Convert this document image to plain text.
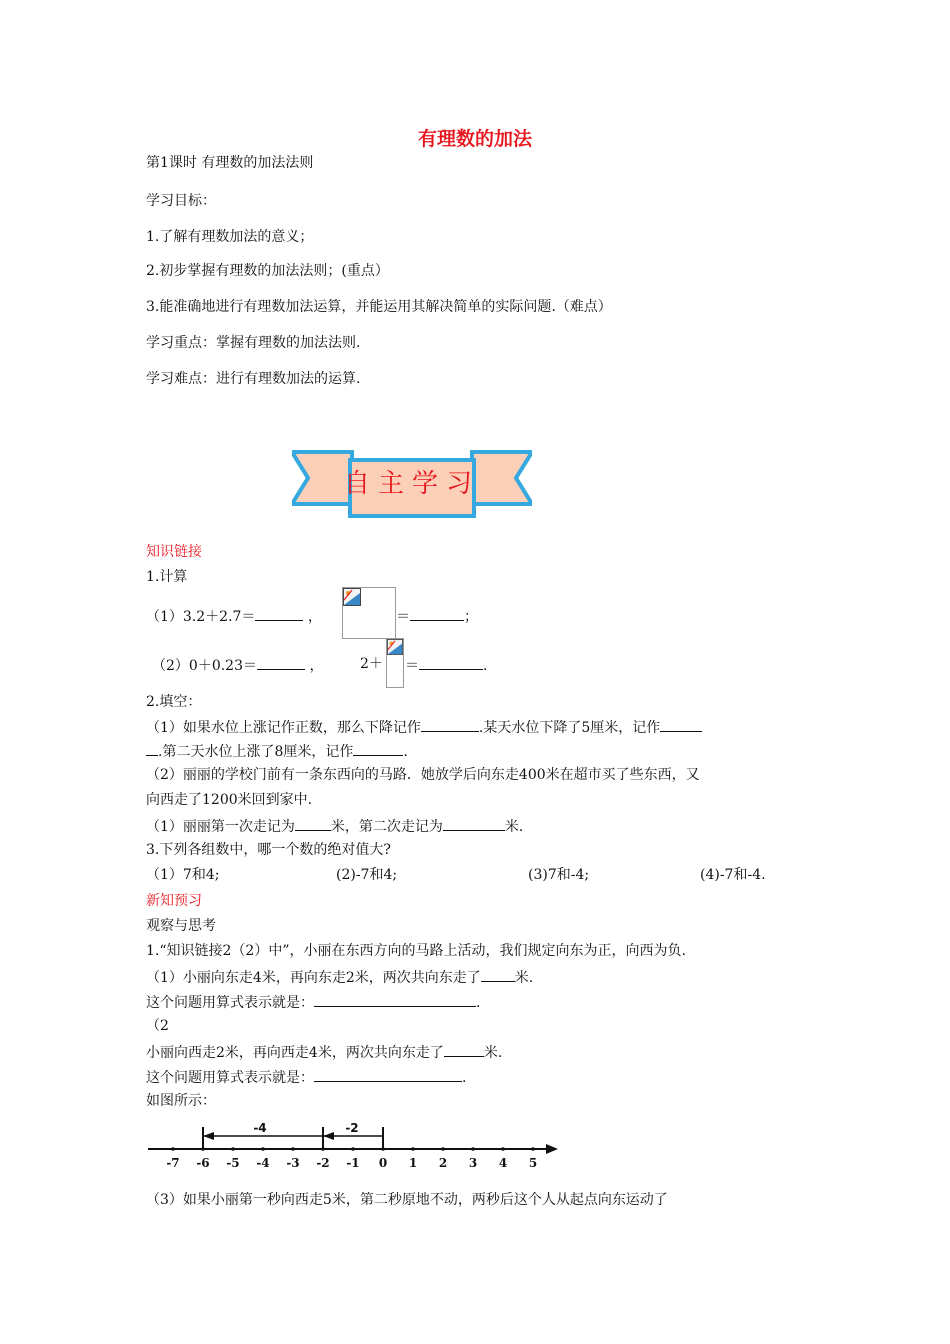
有理数的加法
第1课时 有理数的加法法则
学习目标：
1.了解有理数加法的意义；
2.初步掌握有理数的加法法则；(重点）
3.能准确地进行有理数加法运算，并能运用其解决简单的实际问题.（难点）
学习重点：掌握有理数的加法法则.
学习难点：进行有理数加法的运算.
自主学习
知识链接
1.计算
（1）3.2＋2.7＝	，	＝	；
（2）0＋0.23＝	，	2＋ ＝	.
2.填空：
（1）如果水位上涨记作正数，那么下降记作	.某天水位下降了5厘米，记作
.第二天水位上涨了8厘米，记作	.
（2）丽丽的学校门前有一条东西向的马路．她放学后向东走400米在超市买了些东西，又
向西走了1200米回到家中.
（1）丽丽第一次走记为	米，第二次走记为	米.
3.下列各组数中，哪一个数的绝对值大?
（1）7和4;	(2)-7和4;	(3)7和-4;	(4)-7和-4.
新知预习
观察与思考
1.“知识链接2（2）中”，小丽在东西方向的马路上活动，我们规定向东为正，向西为负.
（1）小丽向东走4米，再向东走2米，两次共向东走了 米.
这个问题用算式表示就是：	.
（2
小丽向西走2米，再向西走4米，两次共向东走了	米.
这个问题用算式表示就是：	.
如图所示：
-7 -6 -5 -4 -3 -2 -1 0 1 2 3 4 5
-4	-2
（3）如果小丽第一秒向西走5米，第二秒原地不动，两秒后这个人从起点向东运动了
